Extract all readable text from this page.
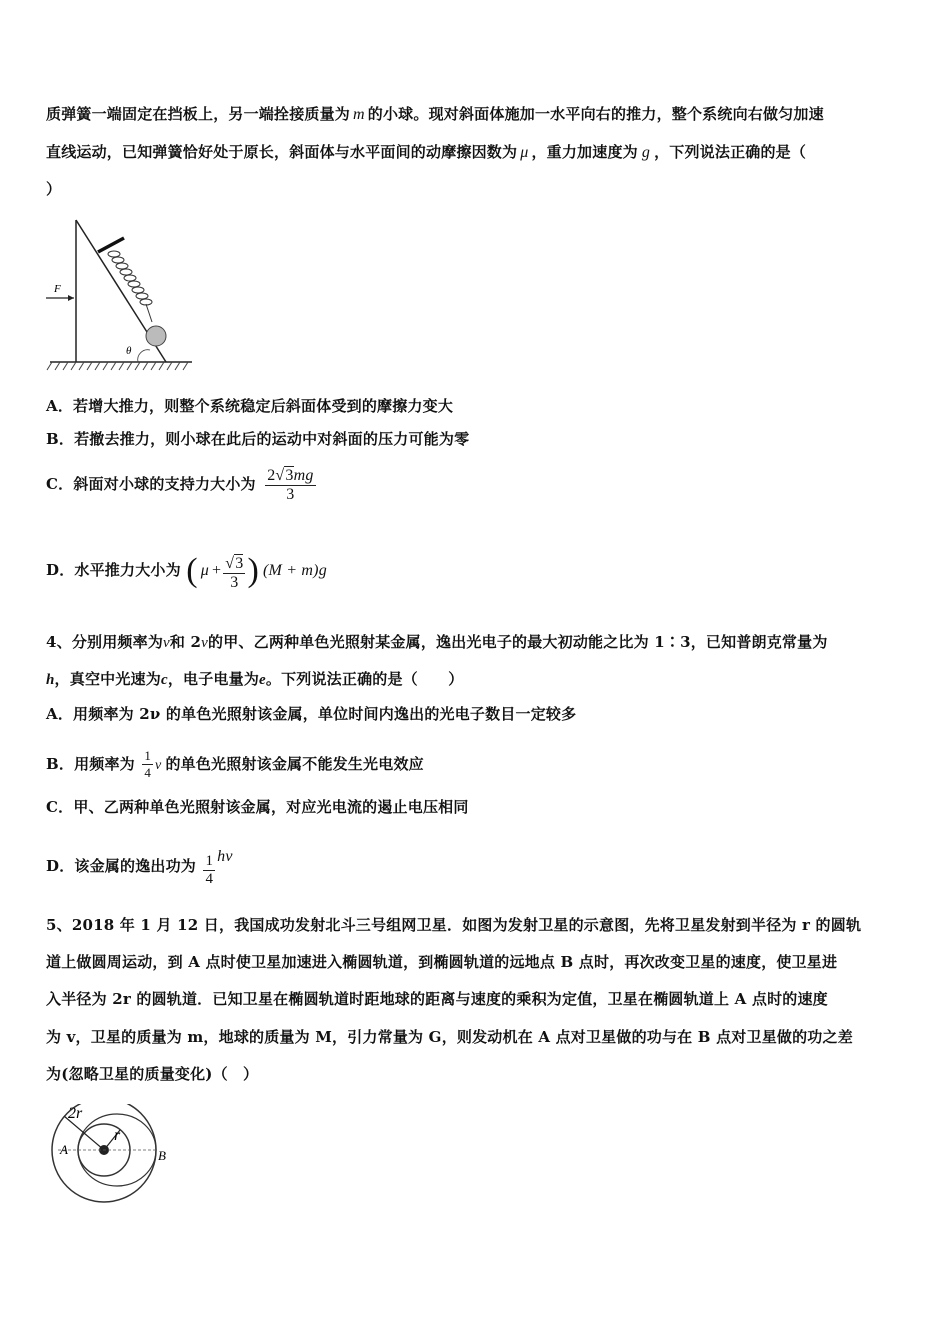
质弹簧一端固定在挡板上，另一端拴接质量为 m 的小球。现对斜面体施加一水平向右的推力，整个系统向右做匀加速
直线运动，已知弹簧恰好处于原长，斜面体与水平面间的动摩擦因数为 μ ，重力加速度为 g ，下列说法正确的是（
）
F
θ
A．若增大推力，则整个系统稳定后斜面体受到的摩擦力变大
B．若撤去推力，则小球在此后的运动中对斜面的压力可能为零
C．斜面对小球的支持力大小为 $\frac{2√3mg}{3}$
D．水平推力大小为 ( $\mu + \frac{√3}{3}$ ) (M + m)g
4、分别用频率为v和 2v的甲、乙两种单色光照射某金属，逸出光电子的最大初动能之比为 1∶3，已知普朗克常量为
h，真空中光速为c，电子电量为e。下列说法正确的是（　　）
A．用频率为 2ν 的单色光照射该金属，单位时间内逸出的光电子数目一定较多
B．用频率为 $\frac{1}{4}$ ν 的单色光照射该金属不能发生光电效应
C．甲、乙两种单色光照射该金属，对应光电流的遏止电压相同
D．该金属的逸出功为 $\frac{1}{4}$ hν
5、2018 年 1 月 12 日，我国成功发射北斗三号组网卫星．如图为发射卫星的示意图，先将卫星发射到半径为 r 的圆轨
道上做圆周运动，到 A 点时使卫星加速进入椭圆轨道，到椭圆轨道的远地点 B 点时，再次改变卫星的速度，使卫星进
入半径为 2r 的圆轨道．已知卫星在椭圆轨道时距地球的距离与速度的乘积为定值，卫星在椭圆轨道上 A 点时的速度
为 v，卫星的质量为 m，地球的质量为 M，引力常量为 G，则发动机在 A 点对卫星做的功与在 B 点对卫星做的功之差
为(忽略卫星的质量变化)（　）
2r
r
A	B
